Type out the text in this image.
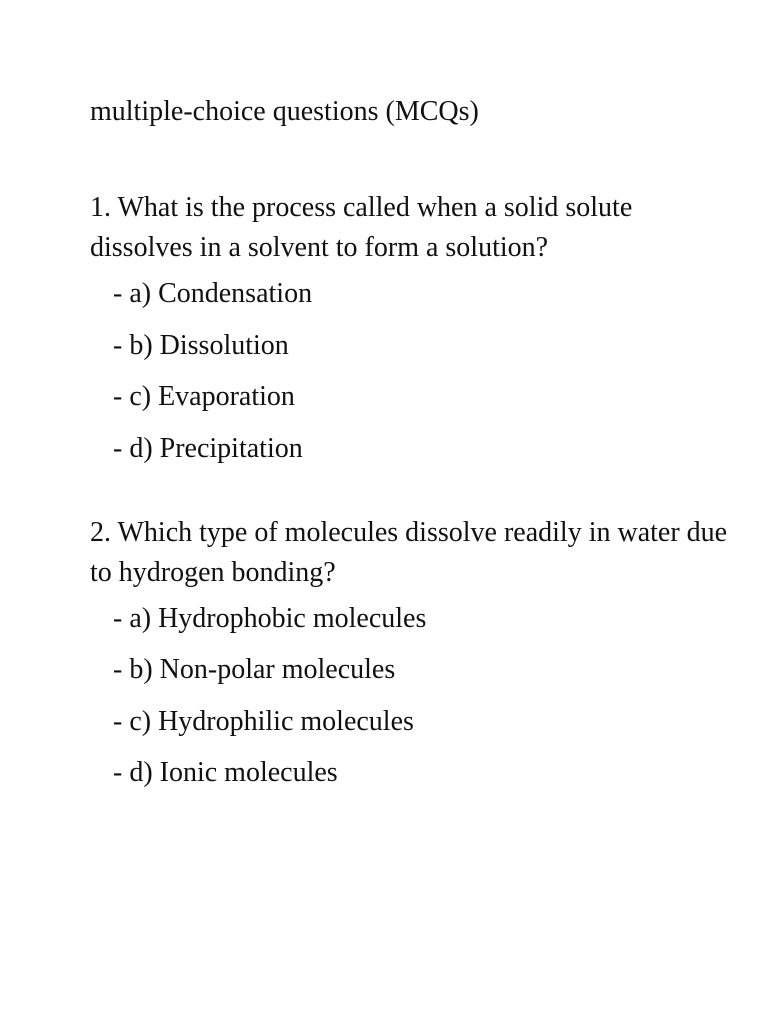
multiple-choice questions (MCQs)

1. What is the process called when a solid solute dissolves in a solvent to form a solution?

- a) Condensation
- b) Dissolution
- c) Evaporation
- d) Precipitation

2. Which type of molecules dissolve readily in water due to hydrogen bonding?

- a) Hydrophobic molecules
- b) Non-polar molecules
- c) Hydrophilic molecules
- d) Ionic molecules
